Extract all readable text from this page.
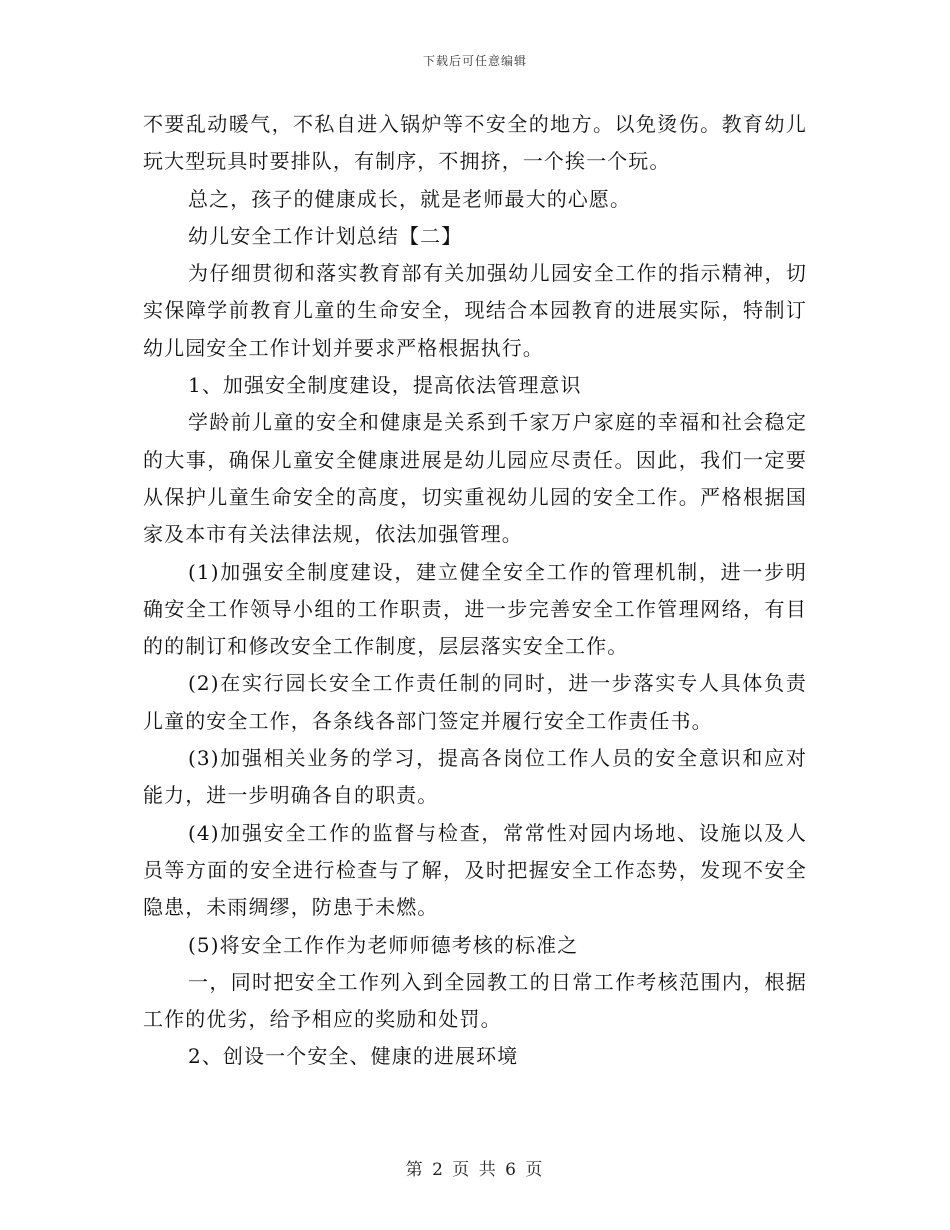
下载后可任意编辑

不要乱动暖气，不私自进入锅炉等不安全的地方。以免烫伤。教育幼儿玩大型玩具时要排队，有制序，不拥挤，一个挨一个玩。

总之，孩子的健康成长，就是老师最大的心愿。

幼儿安全工作计划总结【二】

为仔细贯彻和落实教育部有关加强幼儿园安全工作的指示精神，切实保障学前教育儿童的生命安全，现结合本园教育的进展实际，特制订幼儿园安全工作计划并要求严格根据执行。

1、加强安全制度建设，提高依法管理意识

学龄前儿童的安全和健康是关系到千家万户家庭的幸福和社会稳定的大事，确保儿童安全健康进展是幼儿园应尽责任。因此，我们一定要从保护儿童生命安全的高度，切实重视幼儿园的安全工作。严格根据国家及本市有关法律法规，依法加强管理。

(1)加强安全制度建设，建立健全安全工作的管理机制，进一步明确安全工作领导小组的工作职责，进一步完善安全工作管理网络，有目的的制订和修改安全工作制度，层层落实安全工作。

(2)在实行园长安全工作责任制的同时，进一步落实专人具体负责儿童的安全工作，各条线各部门签定并履行安全工作责任书。

(3)加强相关业务的学习，提高各岗位工作人员的安全意识和应对能力，进一步明确各自的职责。

(4)加强安全工作的监督与检查，常常性对园内场地、设施以及人员等方面的安全进行检查与了解，及时把握安全工作态势，发现不安全隐患，未雨绸缪，防患于未燃。

(5)将安全工作作为老师师德考核的标准之

一，同时把安全工作列入到全园教工的日常工作考核范围内，根据工作的优劣，给予相应的奖励和处罚。

2、创设一个安全、健康的进展环境

第 2 页 共 6 页
